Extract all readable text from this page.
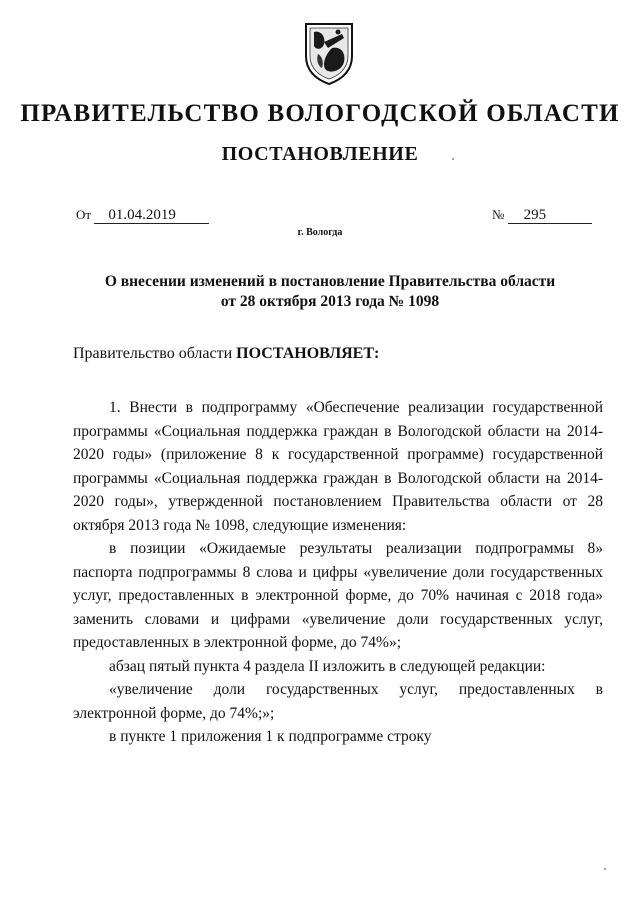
ПРАВИТЕЛЬСТВО ВОЛОГОДСКОЙ ОБЛАСТИ
ПОСТАНОВЛЕНИЕ
От 01.04.2019	№ 295
г. Вологда
О внесении изменений в постановление Правительства области
от 28 октября 2013 года № 1098
Правительство области ПОСТАНОВЛЯЕТ:

1. Внести в подпрограмму «Обеспечение реализации государственной программы «Социальная поддержка граждан в Вологодской области на 2014-2020 годы» (приложение 8 к государственной программе) государственной программы «Социальная поддержка граждан в Вологодской области на 2014-2020 годы», утвержденной постановлением Правительства области от 28 октября 2013 года № 1098, следующие изменения:

в позиции «Ожидаемые результаты реализации подпрограммы 8» паспорта подпрограммы 8 слова и цифры «увеличение доли государственных услуг, предоставленных в электронной форме, до 70% начиная с 2018 года» заменить словами и цифрами «увеличение доли государственных услуг, предоставленных в электронной форме, до 74%»;

абзац пятый пункта 4 раздела II изложить в следующей редакции:

«увеличение доли государственных услуг, предоставленных в электронной форме, до 74%;»;

в пункте 1 приложения 1 к подпрограмме строку
